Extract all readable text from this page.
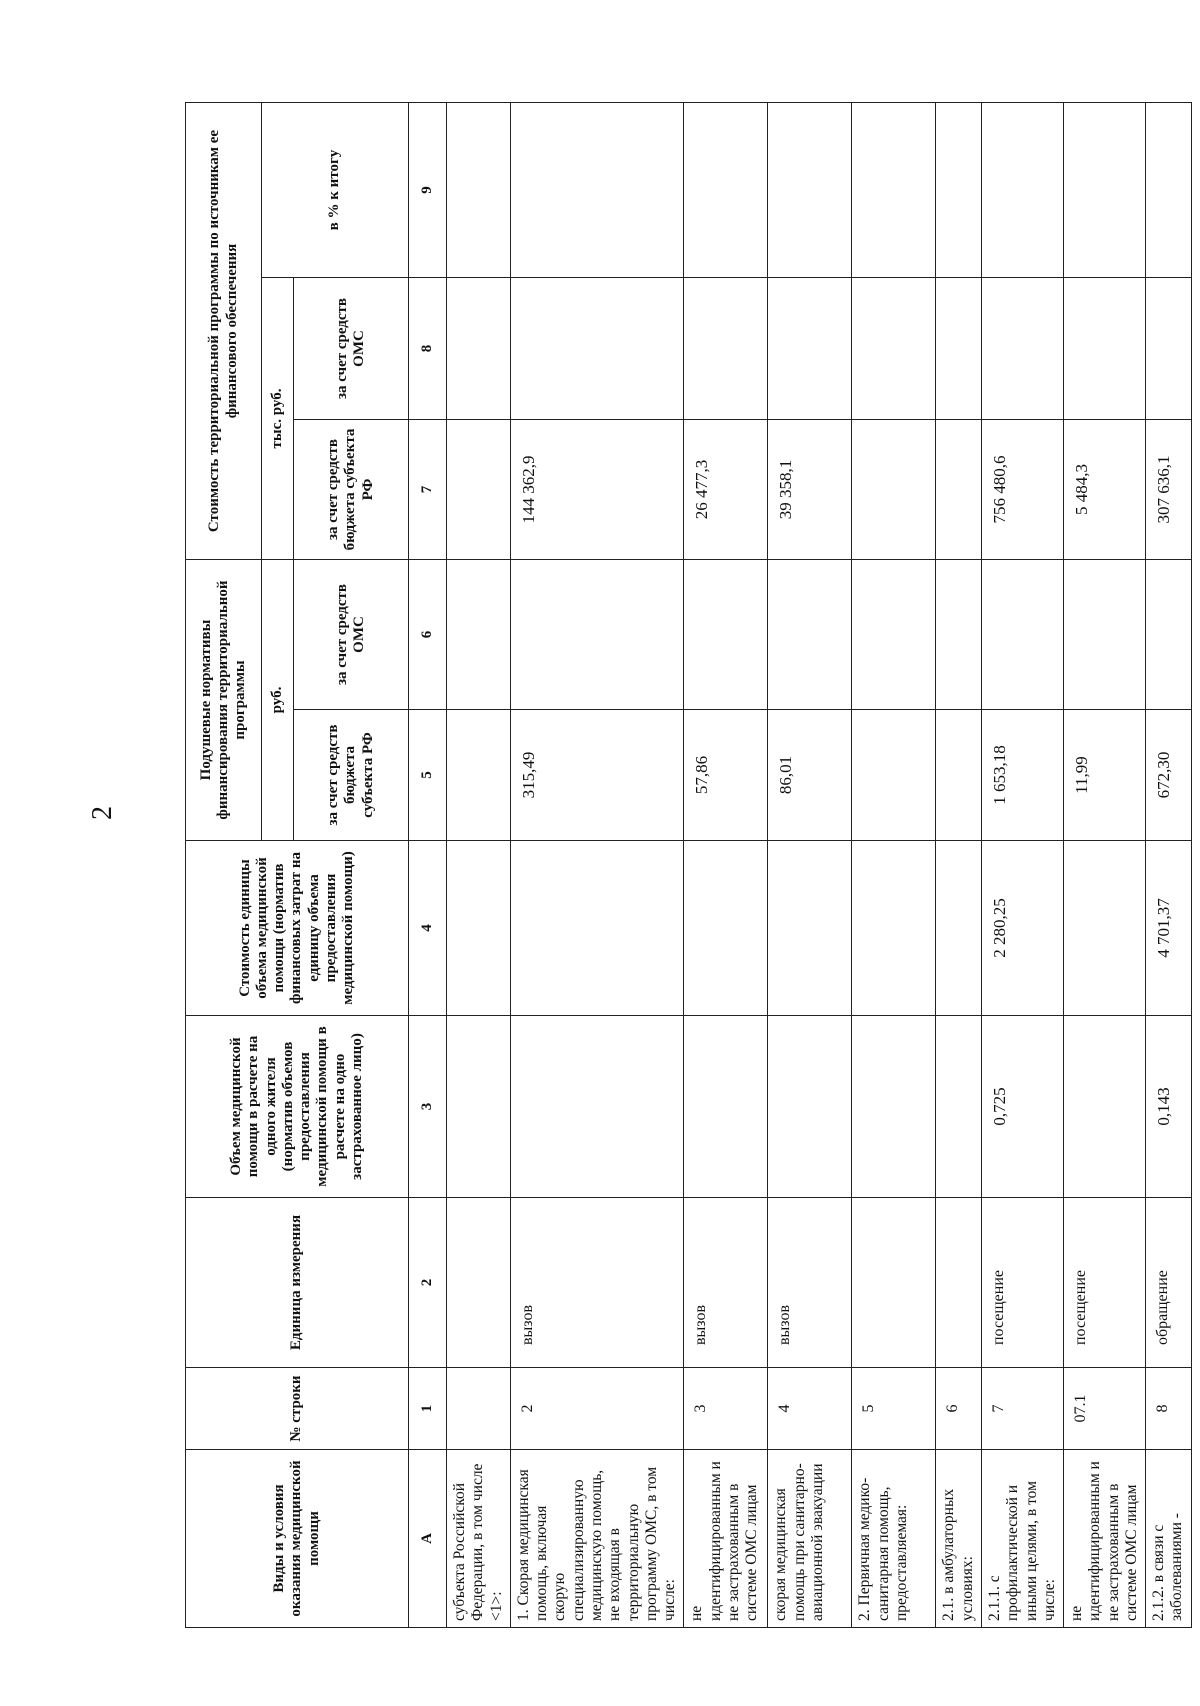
2
Виды и условия оказания медицинской помощи	№ строки	Единица измерения	Объем медицинской помощи в расчете на одного жителя (норматив объемов предоставления медицинской помощи в расчете на одно застрахованное лицо)	Стоимость единицы объема медицинской помощи (норматив финансовых затрат на единицу объема предоставления медицинской помощи)	Подушевые нормативы финансирования территориальной программы		Стоимость территориальной программы по источникам ее финансового обеспечения		
					руб.		тыс. руб.		в % к итогу
					за счет средств бюджета субъекта РФ	за счет средств ОМС	за счет средств бюджета субъекта РФ	за счет средств ОМС	
А	1	2	3	4	5	6	7	8	9
субъекта Российской Федерации, в том числе <1>:									
1. Скорая медицинская помощь, включая скорую специализированную медицинскую помощь, не входящая в территориальную программу ОМС, в том числе:	2	вызов			315,49		144 362,9		
не идентифицированным и не застрахованным в системе ОМС лицам	3	вызов			57,86		26 477,3		
скорая медицинская помощь при санитарно-авиационной эвакуации	4	вызов			86,01		39 358,1		
2. Первичная медико-санитарная помощь, предоставляемая:	5								
2.1. в амбулаторных условиях:	6								
2.1.1. с профилактической и иными целями, в том числе:	7	посещение	0,725	2 280,25	1 653,18		756 480,6		
не идентифицированным и не застрахованным в системе ОМС лицам	07.1	посещение			11,99		5 484,3		
2.1.2. в связи с заболеваниями -	8	обращение	0,143	4 701,37	672,30		307 636,1		
